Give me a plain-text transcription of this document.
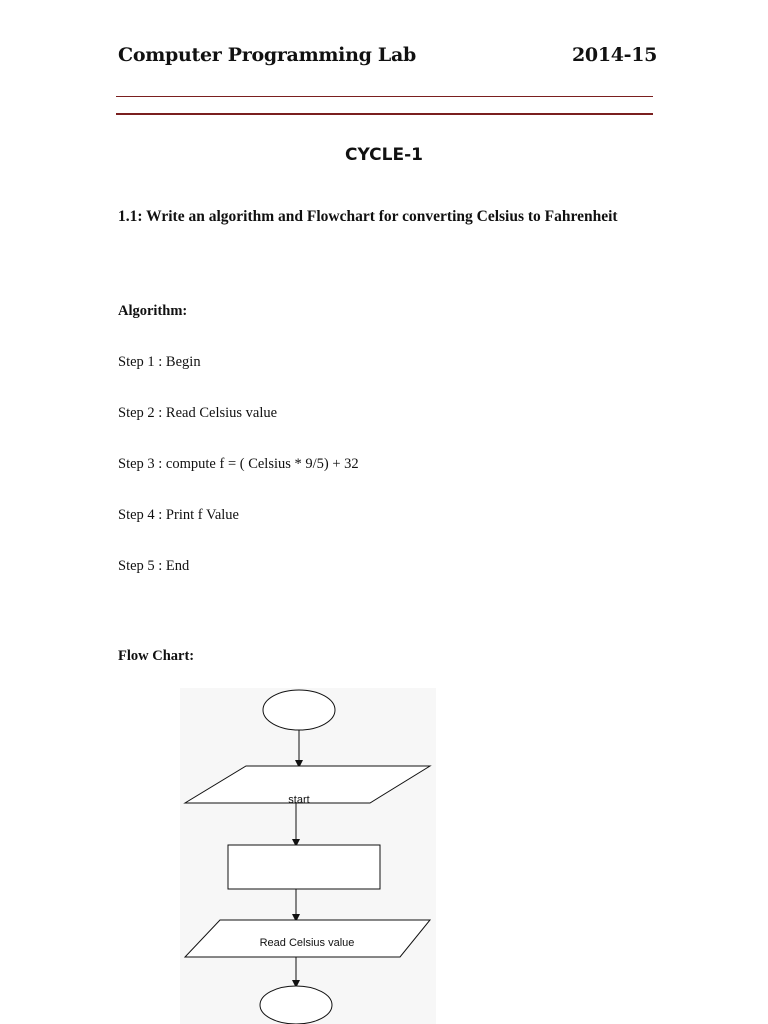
Computer Programming Lab	2014-15
CYCLE-1
1.1: Write an algorithm and Flowchart for converting Celsius to Fahrenheit
Algorithm:
Step 1 : Begin
Step 2 : Read Celsius value
Step 3 : compute f = ( Celsius * 9/5) + 32
Step 4 : Print f Value
Step 5 : End
Flow Chart:
start
Read Celsius value
